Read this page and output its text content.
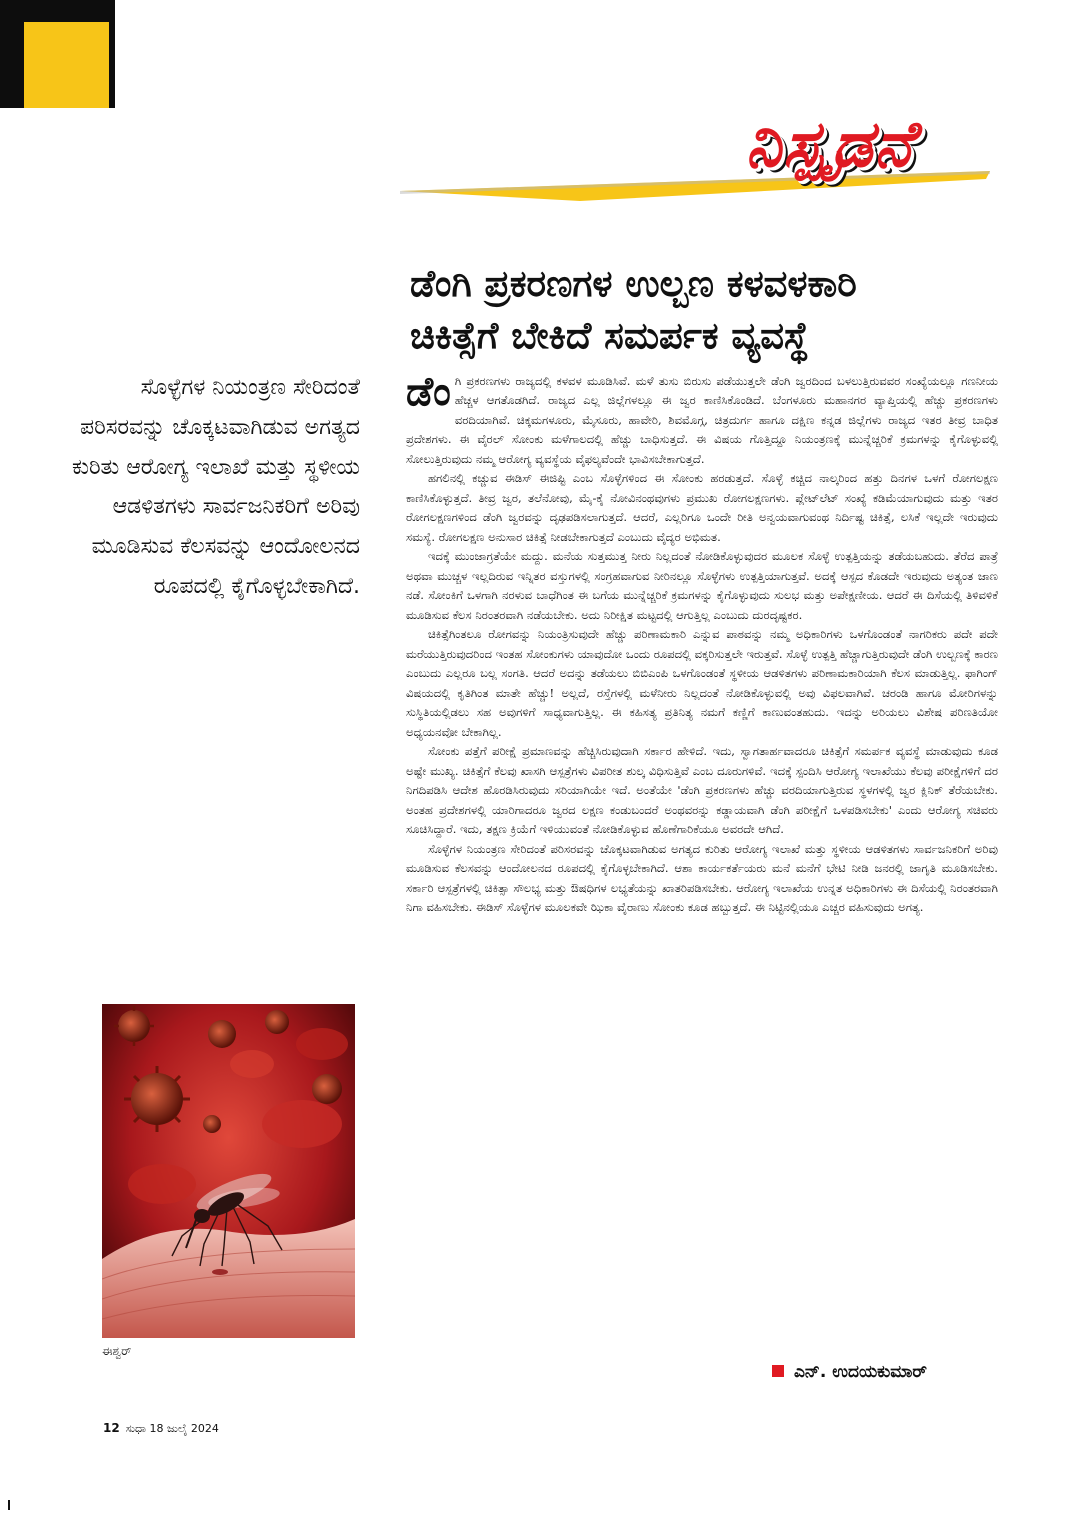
ನಿಸ್ಪೃಡನೆ
ಡೆಂಗಿ ಪ್ರಕರಣಗಳ ಉಲ್ಬಣ ಕಳವಳಕಾರಿ
ಚಿಕಿತ್ಸೆಗೆ ಬೇಕಿದೆ ಸಮರ್ಪಕ ವ್ಯವಸ್ಥೆ
ಸೊಳ್ಳೆಗಳ ನಿಯಂತ್ರಣ ಸೇರಿದಂತೆ ಪರಿಸರವನ್ನು ಚೊಕ್ಕಟವಾಗಿಡುವ ಅಗತ್ಯದ ಕುರಿತು ಆರೋಗ್ಯ ಇಲಾಖೆ ಮತ್ತು ಸ್ಥಳೀಯ ಆಡಳಿತಗಳು ಸಾರ್ವಜನಿಕರಿಗೆ ಅರಿವು ಮೂಡಿಸುವ ಕೆಲಸವನ್ನು ಆಂದೋಲನದ ರೂಪದಲ್ಲಿ ಕೈಗೊಳ್ಳಬೇಕಾಗಿದೆ.

ಡೆಂಗಿ ಪ್ರಕರಣಗಳು ರಾಜ್ಯದಲ್ಲಿ ಕಳವಳ ಮೂಡಿಸಿವೆ. ಮಳೆ ತುಸು ಬಿರುಸು ಪಡೆಯುತ್ತಲೇ ಡೆಂಗಿ ಜ್ವರದಿಂದ ಬಳಲುತ್ತಿರುವವರ ಸಂಖ್ಯೆಯಲ್ಲೂ ಗಣನೀಯ ಹೆಚ್ಚಳ ಆಗತೊಡಗಿದೆ. ರಾಜ್ಯದ ಎಲ್ಲ ಜಿಲ್ಲೆಗಳಲ್ಲೂ ಈ ಜ್ವರ ಕಾಣಿಸಿಕೊಂಡಿದೆ. ಬೆಂಗಳೂರು ಮಹಾನಗರ ವ್ಯಾಪ್ತಿಯಲ್ಲಿ ಹೆಚ್ಚು ಪ್ರಕರಣಗಳು ವರದಿಯಾಗಿವೆ. ಚಿಕ್ಕಮಗಳೂರು, ಮೈಸೂರು, ಹಾವೇರಿ, ಶಿವಮೊಗ್ಗ, ಚಿತ್ರದುರ್ಗ ಹಾಗೂ ದಕ್ಷಿಣ ಕನ್ನಡ ಜಿಲ್ಲೆಗಳು ರಾಜ್ಯದ ಇತರ ತೀವ್ರ ಬಾಧಿತ ಪ್ರದೇಶಗಳು. ಈ ವೈರಲ್ ಸೋಂಕು ಮಳೆಗಾಲದಲ್ಲಿ ಹೆಚ್ಚು ಬಾಧಿಸುತ್ತದೆ. ಈ ವಿಷಯ ಗೊತ್ತಿದ್ದೂ ನಿಯಂತ್ರಣಕ್ಕೆ ಮುನ್ನೆಚ್ಚರಿಕೆ ಕ್ರಮಗಳನ್ನು ಕೈಗೊಳ್ಳುವಲ್ಲಿ ಸೋಲುತ್ತಿರುವುದು ನಮ್ಮ ಆರೋಗ್ಯ ವ್ಯವಸ್ಥೆಯ ವೈಫಲ್ಯವೆಂದೇ ಭಾವಿಸಬೇಕಾಗುತ್ತದೆ.

ಹಗಲಿನಲ್ಲಿ ಕಚ್ಚುವ ಈಡಿಸ್ ಈಜಿಪ್ಟಿ ಎಂಬ ಸೊಳ್ಳೆಗಳಿಂದ ಈ ಸೋಂಕು ಹರಡುತ್ತದೆ. ಸೊಳ್ಳೆ ಕಚ್ಚಿದ ನಾಲ್ಕರಿಂದ ಹತ್ತು ದಿನಗಳ ಒಳಗೆ ರೋಗಲಕ್ಷಣ ಕಾಣಿಸಿಕೊಳ್ಳುತ್ತದೆ. ತೀವ್ರ ಜ್ವರ, ತಲೆನೋವು, ಮೈ-ಕೈ ನೋವಿನಂಥವುಗಳು ಪ್ರಮುಖ ರೋಗಲಕ್ಷಣಗಳು. ಪ್ಲೇಟ್‌ಲೆಟ್ ಸಂಖ್ಯೆ ಕಡಿಮೆಯಾಗುವುದು ಮತ್ತು ಇತರ ರೋಗಲಕ್ಷಣಗಳಿಂದ ಡೆಂಗಿ ಜ್ವರವನ್ನು ದೃಢಪಡಿಸಲಾಗುತ್ತದೆ. ಆದರೆ, ಎಲ್ಲರಿಗೂ ಒಂದೇ ರೀತಿ ಅನ್ವಯವಾಗುವಂಥ ನಿರ್ದಿಷ್ಟ ಚಿಕಿತ್ಸೆ, ಲಸಿಕೆ ಇಲ್ಲದೇ ಇರುವುದು ಸಮಸ್ಯೆ. ರೋಗಲಕ್ಷಣ ಅನುಸಾರ ಚಿಕಿತ್ಸೆ ನೀಡಬೇಕಾಗುತ್ತದೆ ಎಂಬುದು ವೈದ್ಯರ ಅಭಿಮತ.

ಇದಕ್ಕೆ ಮುಂಜಾಗ್ರತೆಯೇ ಮದ್ದು. ಮನೆಯ ಸುತ್ತಮುತ್ತ ನೀರು ನಿಲ್ಲದಂತೆ ನೋಡಿಕೊಳ್ಳುವುದರ ಮೂಲಕ ಸೊಳ್ಳೆ ಉತ್ಪತ್ತಿಯನ್ನು ತಡೆಯಬಹುದು. ತೆರೆದ ಪಾತ್ರೆ ಅಥವಾ ಮುಚ್ಚಳ ಇಲ್ಲದಿರುವ ಇನ್ನಿತರ ವಸ್ತುಗಳಲ್ಲಿ ಸಂಗ್ರಹವಾಗುವ ನೀರಿನಲ್ಲೂ ಸೊಳ್ಳೆಗಳು ಉತ್ಪತ್ತಿಯಾಗುತ್ತವೆ. ಅದಕ್ಕೆ ಆಸ್ಪದ ಕೊಡದೇ ಇರುವುದು ಅತ್ಯಂತ ಜಾಣ ನಡೆ. ಸೋಂಕಿಗೆ ಒಳಗಾಗಿ ನರಳುವ ಬಾಧೆಗಿಂತ ಈ ಬಗೆಯ ಮುನ್ನೆಚ್ಚರಿಕೆ ಕ್ರಮಗಳನ್ನು ಕೈಗೊಳ್ಳುವುದು ಸುಲಭ ಮತ್ತು ಅಪೇಕ್ಷಣೀಯ. ಆದರೆ ಈ ದಿಸೆಯಲ್ಲಿ ತಿಳಿವಳಿಕೆ ಮೂಡಿಸುವ ಕೆಲಸ ನಿರಂತರವಾಗಿ ನಡೆಯಬೇಕು. ಅದು ನಿರೀಕ್ಷಿತ ಮಟ್ಟದಲ್ಲಿ ಆಗುತ್ತಿಲ್ಲ ಎಂಬುದು ದುರದೃಷ್ಟಕರ.

ಚಿಕಿತ್ಸೆಗಿಂತಲೂ ರೋಗವನ್ನು ನಿಯಂತ್ರಿಸುವುದೇ ಹೆಚ್ಚು ಪರಿಣಾಮಕಾರಿ ಎನ್ನುವ ಪಾಠವನ್ನು ನಮ್ಮ ಅಧಿಕಾರಿಗಳು ಒಳಗೊಂಡಂತೆ ನಾಗರಿಕರು ಪದೇ ಪದೇ ಮರೆಯುತ್ತಿರುವುದರಿಂದ ಇಂತಹ ಸೋಂಕುಗಳು ಯಾವುದೋ ಒಂದು ರೂಪದಲ್ಲಿ ವಕ್ಕರಿಸುತ್ತಲೇ ಇರುತ್ತವೆ. ಸೊಳ್ಳೆ ಉತ್ಪತ್ತಿ ಹೆಚ್ಚಾಗುತ್ತಿರುವುದೇ ಡೆಂಗಿ ಉಲ್ಬಣಕ್ಕೆ ಕಾರಣ ಎಂಬುದು ಎಲ್ಲರೂ ಬಲ್ಲ ಸಂಗತಿ. ಆದರೆ ಅದನ್ನು ತಡೆಯಲು ಬಿಬಿಎಂಪಿ ಒಳಗೊಂಡಂತೆ ಸ್ಥಳೀಯ ಆಡಳಿತಗಳು ಪರಿಣಾಮಕಾರಿಯಾಗಿ ಕೆಲಸ ಮಾಡುತ್ತಿಲ್ಲ. ಫಾಗಿಂಗ್ ವಿಷಯದಲ್ಲಿ ಕೃತಿಗಿಂತ ಮಾತೇ ಹೆಚ್ಚು! ಅಲ್ಲದೆ, ರಸ್ತೆಗಳಲ್ಲಿ ಮಳೆನೀರು ನಿಲ್ಲದಂತೆ ನೋಡಿಕೊಳ್ಳುವಲ್ಲಿ ಅವು ವಿಫಲವಾಗಿವೆ. ಚರಂಡಿ ಹಾಗೂ ಮೋರಿಗಳನ್ನು ಸುಸ್ಥಿತಿಯಲ್ಲಿಡಲು ಸಹ ಅವುಗಳಿಗೆ ಸಾಧ್ಯವಾಗುತ್ತಿಲ್ಲ. ಈ ಕಹಿಸತ್ಯ ಪ್ರತಿನಿತ್ಯ ನಮಗೆ ಕಣ್ಣಿಗೆ ಕಾಣುವಂತಹುದು. ಇದನ್ನು ಅರಿಯಲು ವಿಶೇಷ ಪರಿಣತಿಯೋ ಅಧ್ಯಯನವೋ ಬೇಕಾಗಿಲ್ಲ.

ಸೋಂಕು ಪತ್ತೆಗೆ ಪರೀಕ್ಷೆ ಪ್ರಮಾಣವನ್ನು ಹೆಚ್ಚಿಸಿರುವುದಾಗಿ ಸರ್ಕಾರ ಹೇಳಿದೆ. ಇದು, ಸ್ವಾಗತಾರ್ಹವಾದರೂ ಚಿಕಿತ್ಸೆಗೆ ಸಮರ್ಪಕ ವ್ಯವಸ್ಥೆ ಮಾಡುವುದು ಕೂಡ ಅಷ್ಟೇ ಮುಖ್ಯ. ಚಿಕಿತ್ಸೆಗೆ ಕೆಲವು ಖಾಸಗಿ ಆಸ್ಪತ್ರೆಗಳು ವಿಪರೀತ ಶುಲ್ಕ ವಿಧಿಸುತ್ತಿವೆ ಎಂಬ ದೂರುಗಳಿವೆ. ಇದಕ್ಕೆ ಸ್ಪಂದಿಸಿ ಆರೋಗ್ಯ ಇಲಾಖೆಯು ಕೆಲವು ಪರೀಕ್ಷೆಗಳಿಗೆ ದರ ನಿಗದಿಪಡಿಸಿ ಆದೇಶ ಹೊರಡಿಸಿರುವುದು ಸರಿಯಾಗಿಯೇ ಇದೆ. ಅಂತೆಯೇ 'ಡೆಂಗಿ ಪ್ರಕರಣಗಳು ಹೆಚ್ಚು ವರದಿಯಾಗುತ್ತಿರುವ ಸ್ಥಳಗಳಲ್ಲಿ ಜ್ವರ ಕ್ಲಿನಿಕ್ ತೆರೆಯಬೇಕು. ಅಂತಹ ಪ್ರದೇಶಗಳಲ್ಲಿ ಯಾರಿಗಾದರೂ ಜ್ವರದ ಲಕ್ಷಣ ಕಂಡುಬಂದರೆ ಅಂಥವರನ್ನು ಕಡ್ಡಾಯವಾಗಿ ಡೆಂಗಿ ಪರೀಕ್ಷೆಗೆ ಒಳಪಡಿಸಬೇಕು' ಎಂದು ಆರೋಗ್ಯ ಸಚಿವರು ಸೂಚಿಸಿದ್ದಾರೆ. ಇದು, ತಕ್ಷಣ ಕ್ರಿಯೆಗೆ ಇಳಿಯುವಂತೆ ನೋಡಿಕೊಳ್ಳುವ ಹೊಣೆಗಾರಿಕೆಯೂ ಅವರದೇ ಆಗಿದೆ.

ಸೊಳ್ಳೆಗಳ ನಿಯಂತ್ರಣ ಸೇರಿದಂತೆ ಪರಿಸರವನ್ನು ಚೊಕ್ಕಟವಾಗಿಡುವ ಅಗತ್ಯದ ಕುರಿತು ಆರೋಗ್ಯ ಇಲಾಖೆ ಮತ್ತು ಸ್ಥಳೀಯ ಆಡಳಿತಗಳು ಸಾರ್ವಜನಿಕರಿಗೆ ಅರಿವು ಮೂಡಿಸುವ ಕೆಲಸವನ್ನು ಆಂದೋಲನದ ರೂಪದಲ್ಲಿ ಕೈಗೊಳ್ಳಬೇಕಾಗಿದೆ. ಆಶಾ ಕಾರ್ಯಕರ್ತೆಯರು ಮನೆ ಮನೆಗೆ ಭೇಟಿ ನೀಡಿ ಜನರಲ್ಲಿ ಜಾಗೃತಿ ಮೂಡಿಸಬೇಕು. ಸರ್ಕಾರಿ ಆಸ್ಪತ್ರೆಗಳಲ್ಲಿ ಚಿಕಿತ್ಸಾ ಸೌಲಭ್ಯ ಮತ್ತು ಔಷಧಿಗಳ ಲಭ್ಯತೆಯನ್ನು ಖಾತರಿಪಡಿಸಬೇಕು. ಆರೋಗ್ಯ ಇಲಾಖೆಯ ಉನ್ನತ ಅಧಿಕಾರಿಗಳು ಈ ದಿಸೆಯಲ್ಲಿ ನಿರಂತರವಾಗಿ ನಿಗಾ ವಹಿಸಬೇಕು. ಈಡಿಸ್ ಸೊಳ್ಳೆಗಳ ಮೂಲಕವೇ ಝಿಕಾ ವೈರಾಣು ಸೋಂಕು ಕೂಡ ಹಬ್ಬುತ್ತದೆ. ಈ ನಿಟ್ಟಿನಲ್ಲಿಯೂ ಎಚ್ಚರ ವಹಿಸುವುದು ಅಗತ್ಯ.

ಈಶ್ವರ್
ಎನ್. ಉದಯಕುಮಾರ್
12 ಸುಧಾ 18 ಜುಲೈ 2024
